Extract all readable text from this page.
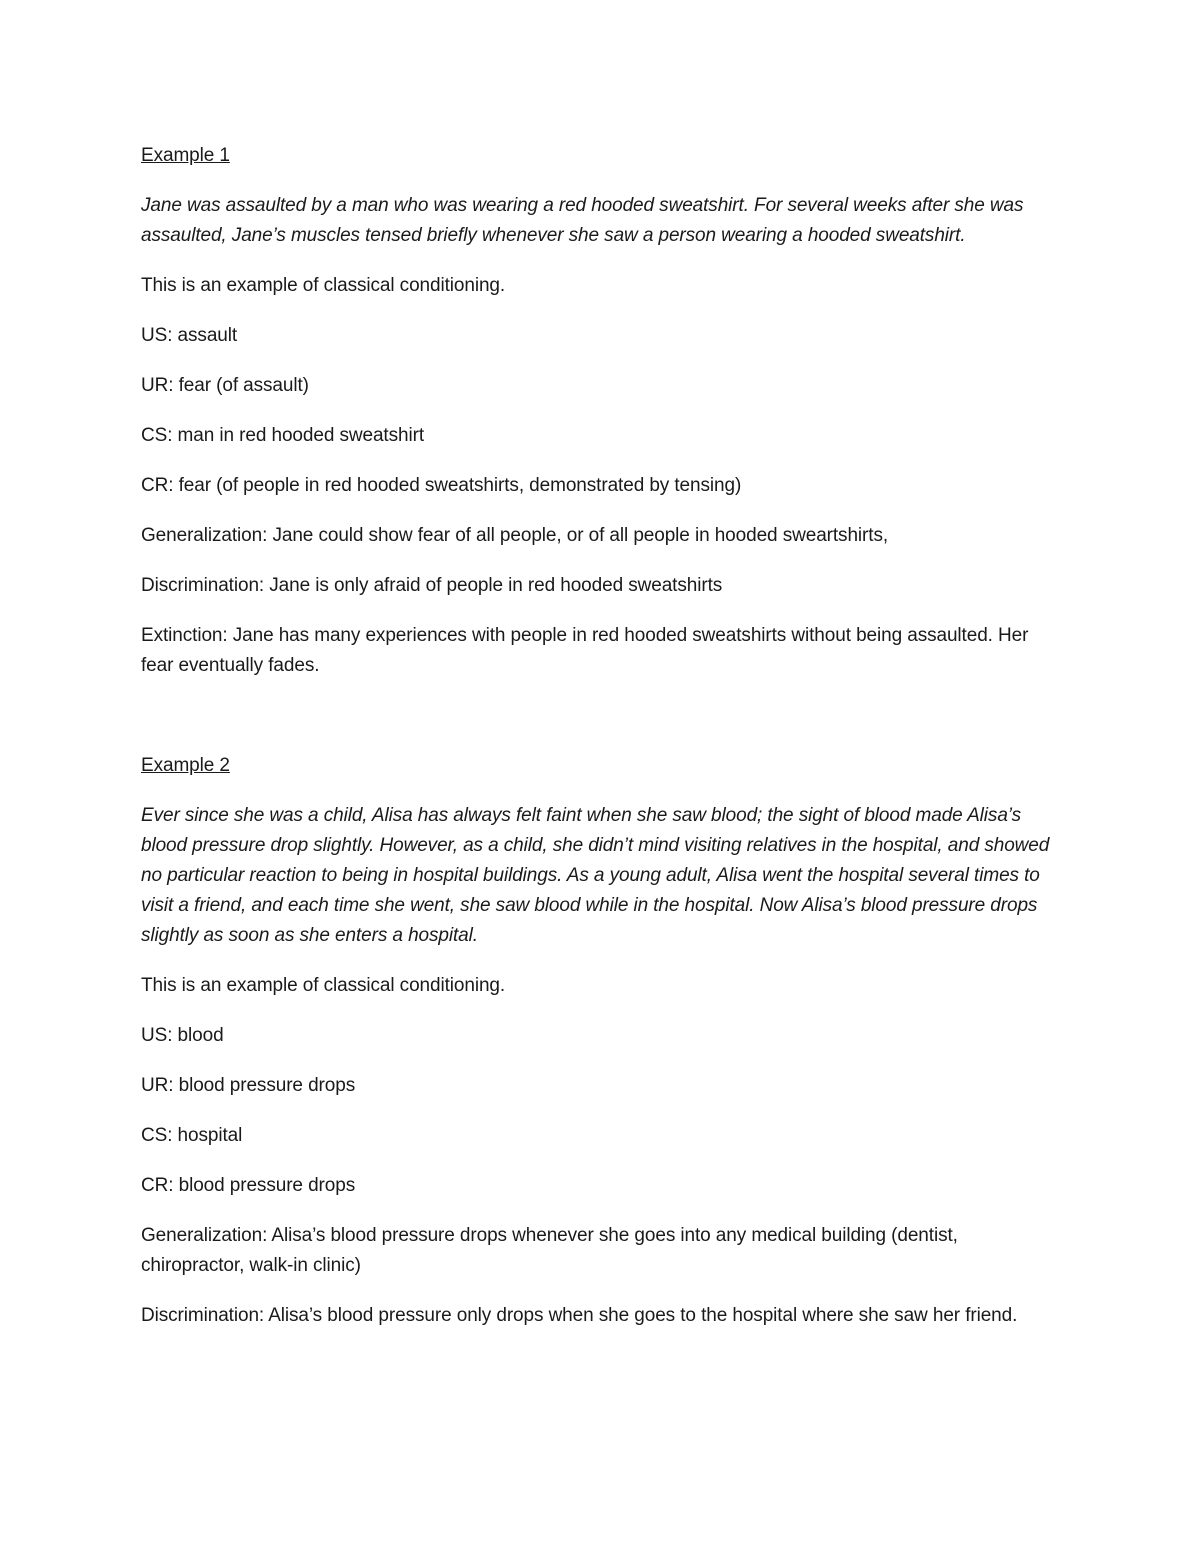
Example 1
Jane was assaulted by a man who was wearing a red hooded sweatshirt. For several weeks after she was assaulted, Jane’s muscles tensed briefly whenever she saw a person wearing a hooded sweatshirt.
This is an example of classical conditioning.
US: assault
UR: fear (of assault)
CS: man in red hooded sweatshirt
CR: fear (of people in red hooded sweatshirts, demonstrated by tensing)
Generalization: Jane could show fear of all people, or of all people in hooded sweartshirts,
Discrimination: Jane is only afraid of people in red hooded sweatshirts
Extinction: Jane has many experiences with people in red hooded sweatshirts without being assaulted. Her fear eventually fades.
Example 2
Ever since she was a child, Alisa has always felt faint when she saw blood; the sight of blood made Alisa’s blood pressure drop slightly. However, as a child, she didn’t mind visiting relatives in the hospital, and showed no particular reaction to being in hospital buildings. As a young adult, Alisa went the hospital several times to visit a friend, and each time she went, she saw blood while in the hospital. Now Alisa’s blood pressure drops slightly as soon as she enters a hospital.
This is an example of classical conditioning.
US: blood
UR: blood pressure drops
CS: hospital
CR: blood pressure drops
Generalization: Alisa’s blood pressure drops whenever she goes into any medical building (dentist, chiropractor, walk-in clinic)
Discrimination: Alisa’s blood pressure only drops when she goes to the hospital where she saw her friend.
